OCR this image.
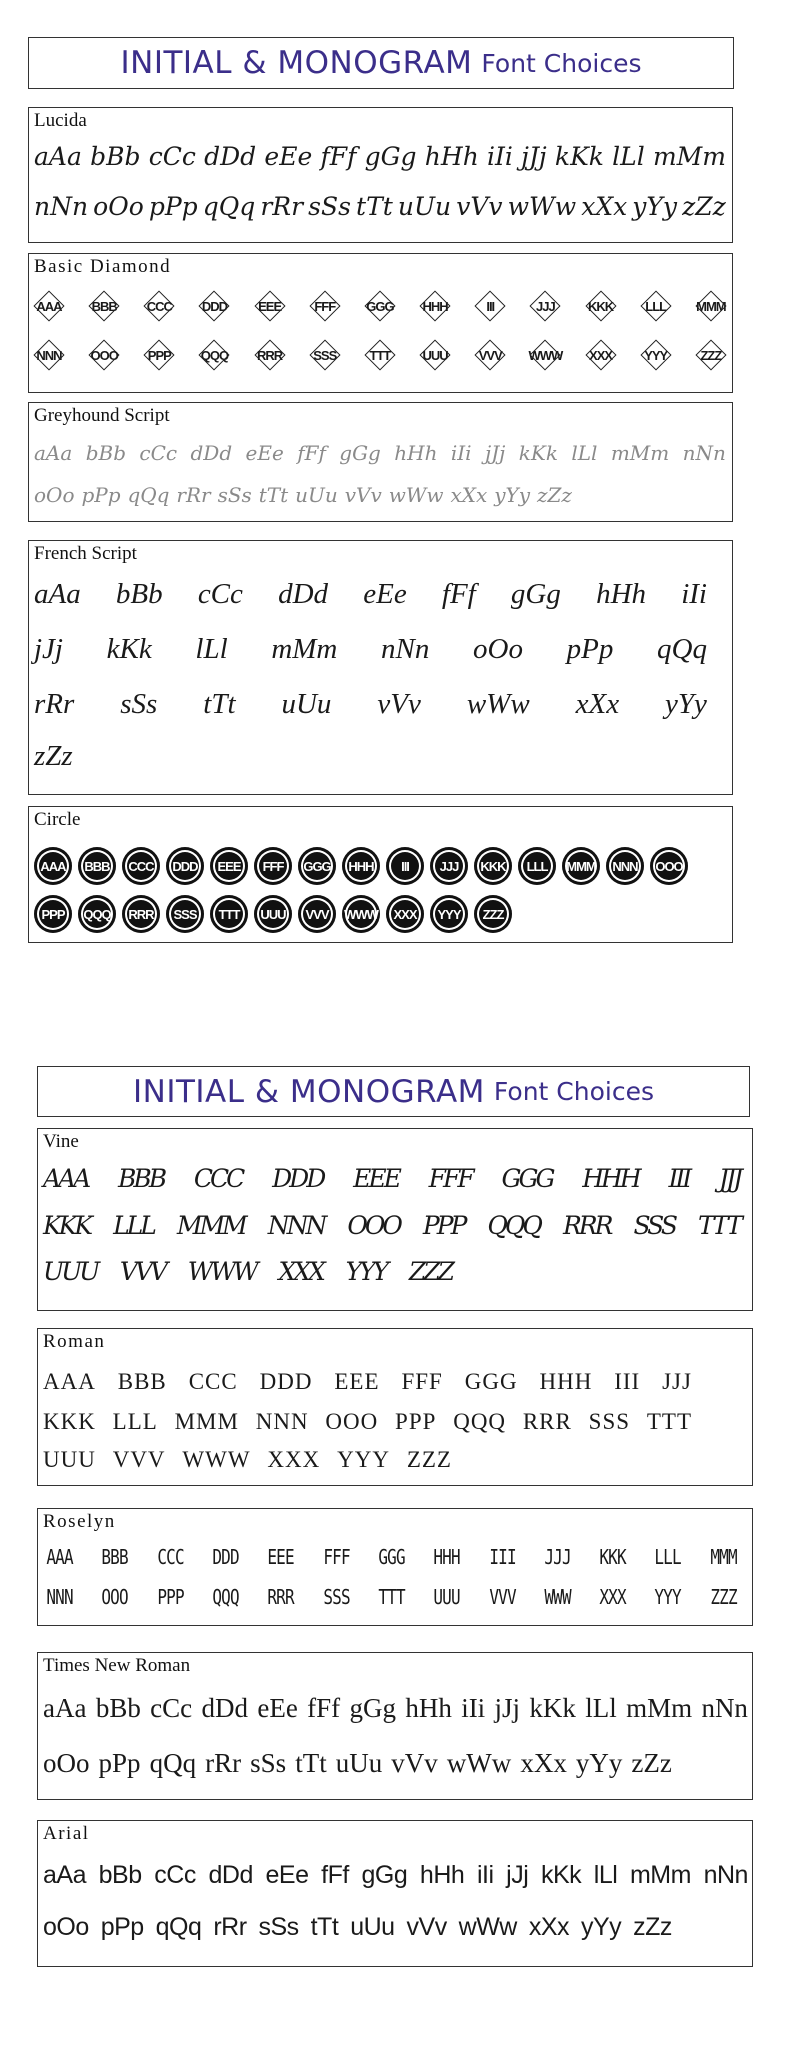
INITIAL & MONOGRAM Font Choices
Lucida
aAa bBb cCc dDd eEe fFf gGg hHh iIi jJj kKk lLl mMm
nNn oOo pPp qQq rRr sSs tTt uUu vVv wWw xXx yYy zZz
Basic Diamond
AAA BBB CCC DDD EEE	FFF	GGG HHH	III	JJJ	KKK	LLL	MMM
NNN OOO PPP QQQ RRR SSS	TTT	UUU VVV WWW XXX YYY	ZZZ
Greyhound Script
aAa bBb cCc dDd eEe fFf gGg hHh iIi jJj kKk lLl mMm nNn
oOo pPp qQq rRr sSs tTt uUu vVv wWw xXx yYy zZz
French Script
aAa bBb cCc dDd eEe fFf gGg hHh iIi
jJj kKk lLl mMm nNn oOo pPp qQq
rRr sSs tTt uUu vVv wWw xXx yYy
zZz
Circle
AAA	BBB	CCC	DDD	EEE	FFF	GGG	HHH	III	JJJ	KKK	LLL	MMM	NNN	OOO
PPP	QQQ	RRR	SSS	TTT	UUU	VVV	WWW	XXX	YYY	ZZZ
INITIAL & MONOGRAM Font Choices
Vine
AAA BBB CCC DDD EEE FFF GGG HHH III JJJ
KKK LLL MMM NNN OOO PPP QQQ RRR SSS TTT
UUU VVV WWW XXX YYY ZZZ
Roman
AAA BBB CCC DDD EEE FFF GGG HHH III JJJ
KKK LLL MMM NNN OOO PPP QQQ RRR SSS TTT
UUU VVV WWW XXX YYY ZZZ
Roselyn
AAA BBB CCC DDD EEE FFF GGG HHH III JJJ KKK LLL MMM
NNN OOO PPP QQQ RRR SSS TTT UUU VVV WWW XXX YYY ZZZ
Times New Roman
aAa bBb cCc dDd eEe fFf gGg hHh iIi jJj kKk lLl mMm nNn
oOo pPp qQq rRr sSs tTt uUu vVv wWw xXx yYy zZz
Arial
aAa bBb cCc dDd eEe fFf gGg hHh iIi jJj kKk lLl mMm nNn
oOo pPp qQq rRr sSs tTt uUu vVv wWw xXx yYy zZz
